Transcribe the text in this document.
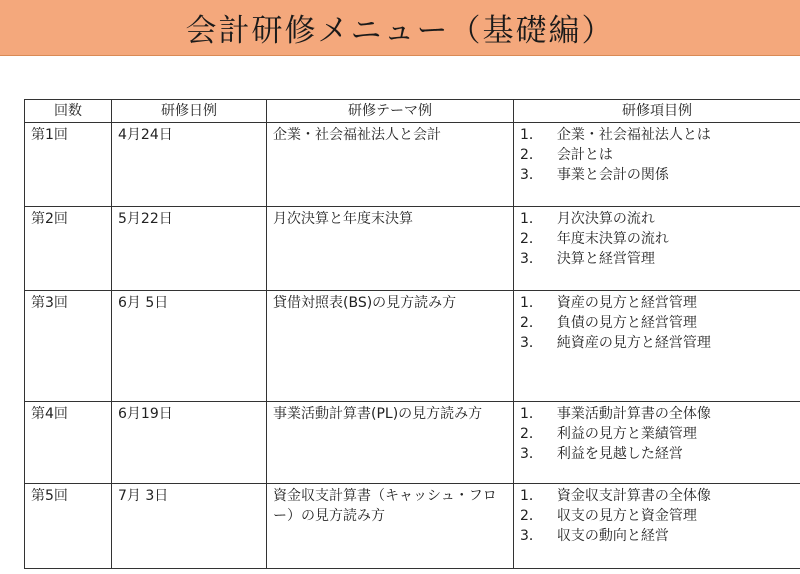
会計研修メニュー（基礎編）
回数	研修日例	研修テーマ例	研修項目例
第1回	4月24日	企業・社会福祉法人と会計	1． 企業・社会福祉法人とは
2． 会計とは
3． 事業と会計の関係

第2回	5月22日	月次決算と年度末決算	1． 月次決算の流れ
2． 年度末決算の流れ
3． 決算と経営管理

第3回	6月 5日	貸借対照表(BS)の見方読み方	1． 資産の見方と経営管理
2． 負債の見方と経営管理
3． 純資産の見方と経営管理

第4回	6月19日	事業活動計算書(PL)の見方読み方	1． 事業活動計算書の全体像
2． 利益の見方と業績管理
3． 利益を見越した経営

第5回	7月 3日	資金収支計算書（キャッシュ・フロー）の見方読み方	1． 資金収支計算書の全体像
2． 収支の見方と資金管理
3． 収支の動向と経営
